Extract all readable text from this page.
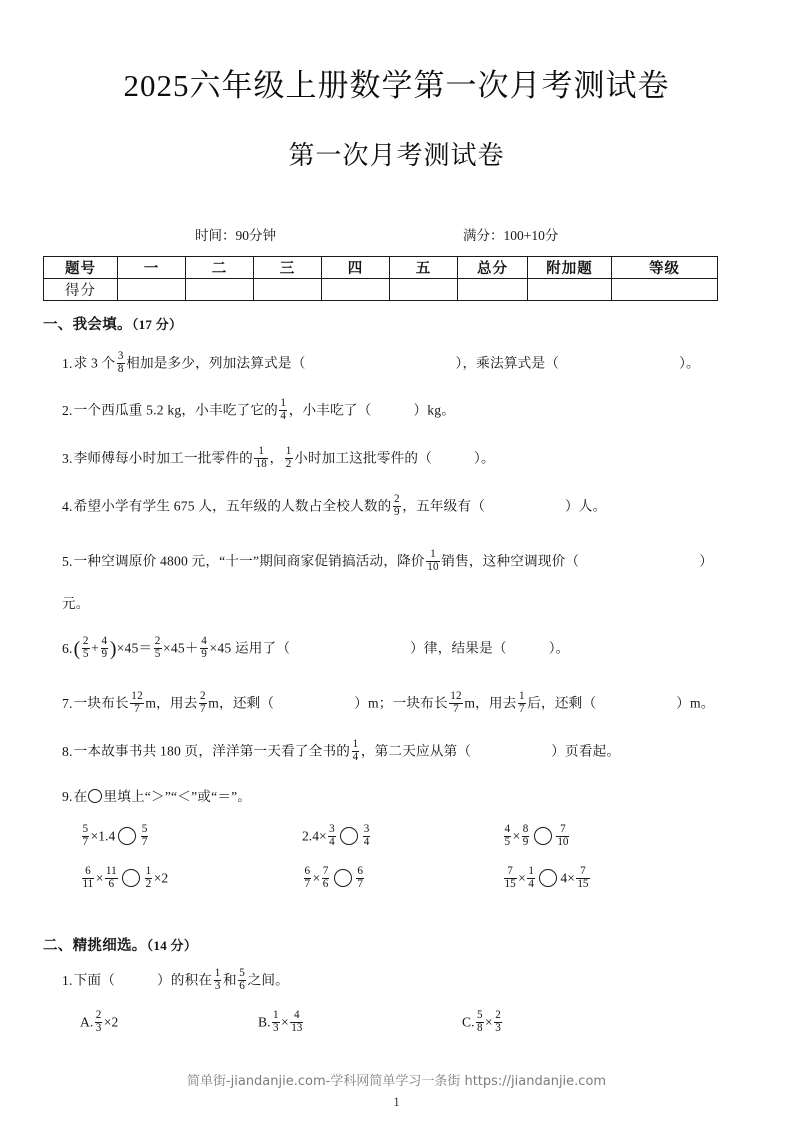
2025六年级上册数学第一次月考测试卷
第一次月考测试卷
时间：90分钟	满分：100+10分
题号	一	二	三	四	五	总分	附加题	等级
得分								
一、我会填。（17 分）
1.求 3 个 $\frac{3}{8}$ 相加是多少，列加法算式是（	），乘法算式是（	）。
2.一个西瓜重 5.2 kg，小丰吃了它的 $\frac{1}{4}$ ，小丰吃了（	）kg。
3.李师傅每小时加工一批零件的 $\frac{1}{18}$ ， $\frac{1}{2}$ 小时加工这批零件的（	）。
4.希望小学有学生 675 人，五年级的人数占全校人数的 $\frac{2}{9}$ ，五年级有（	）人。
5.一种空调原价 4800 元，“十一”期间商家促销搞活动，降价 $\frac{1}{10}$ 销售，这种空调现价（	）
元。
$6.( \frac{2}{5} + \frac{4}{9} )\times 45= \frac{2}{5} \times 45+ \frac{4}{9} \times 45$ 运用了（	）律，结果是（	）。
7.一块布长 $\frac{12}{7}$ m，用去 $\frac{2}{7}$ m，还剩（	）m；一块布长 $\frac{12}{7}$ m，用去 $\frac{1}{7}$ 后，还剩（	）m。
8.一本故事书共 180 页，洋洋第一天看了全书的 $\frac{1}{4}$ ，第二天应从第（	）页看起。
9.在 里填上“＞”“＜”或“＝”。
$\frac{5}{7} \times 1.4 \frac{5}{7}$	$2.4\times \frac{3}{4} \frac{3}{4}$	$\frac{4}{5} \times \frac{8}{9} \frac{7}{10}$
$\frac{6}{11} \times \frac{11}{6} \frac{1}{2} \times 2$	$\frac{6}{7} \times \frac{7}{6} \frac{6}{7}$	$\frac{7}{15} \times \frac{1}{4} 4\times \frac{7}{15}$
二、精挑细选。（14 分）
1.下面（	）的积在 $\frac{1}{3}$ 和 $\frac{5}{6}$ 之间。
A. $\frac{2}{3} \times 2$	B. $\frac{1}{3} \times \frac{4}{13}$	C. $\frac{5}{8} \times \frac{2}{3}$
简单街-jiandanjie.com-学科网简单学习一条街 https://jiandanjie.com
1
